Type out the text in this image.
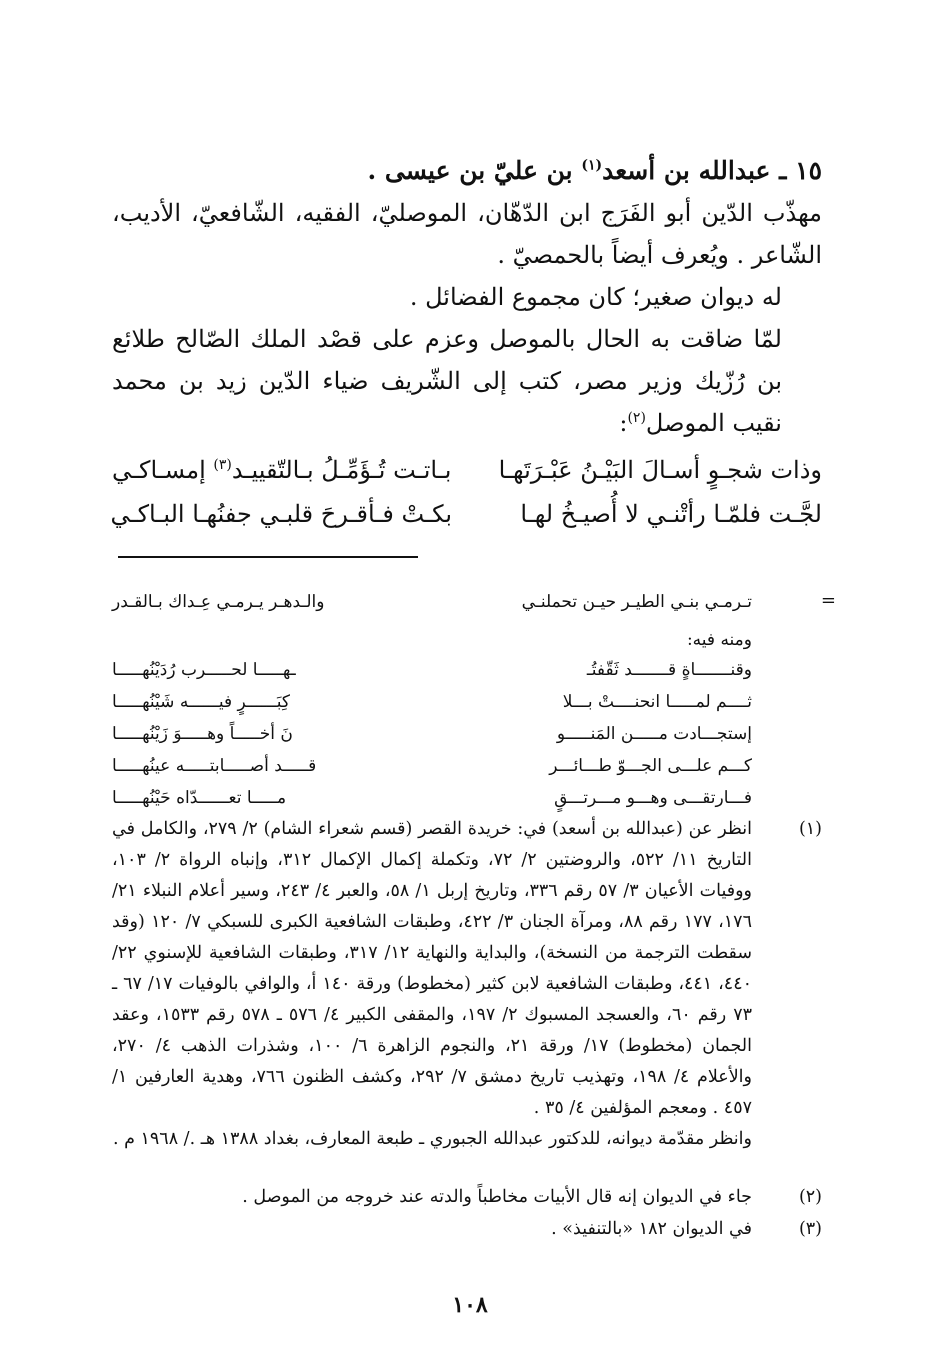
١٥ ـ عبدالله بن أسعد$^{(١)}$ بن عليّ بن عيسى .
مهذّب الدّين أبو الفَرَج ابن الدّهّان، الموصليّ، الفقيه، الشّافعيّ، الأديب، الشّاعر . ويُعرف أيضاً بالحمصيّ .
له ديوان صغير؛ كان مجموع الفضائل .
لمّا ضاقت به الحال بالموصل وعزم على قصْد الملك الصّالح طلائع بن رُزّيك وزير مصر، كتب إلى الشّريف ضياء الدّين زيد بن محمد نقيب الموصل$^{(٢)}$:
وذات شجـوٍ أسـالَ البَيْـنُ عَبْـرَتَهـا
بـاتـت تُـؤَمِّـلُ بـالتّقييـد$^{(٣)}$ إمسـاكـي
لجَّـت فلمّـا رأتْنـي لا أُصيـخُ لهـا
بكـتْ فـأقـرحَ قلبـي جفنُهـا البـاكـي
=
تـرمـي بنـي الطيـر حيـن تحملنـي
والـدهـر يـرمـي عِـداك بـالقـدر
ومنه فيه:
وقنـــــــاةٍ قـــــــد ثَقّفتُـ
ـهـــــا لحـــــرب رُدَيْنُهـــــا
ثــــم لمـــــا انحنــــتْ بـــلا
كِبَــــــرٍ فيــــــه شَيْنُهـــــا
إستجـــادت مـــــن المَنـــــو
نَ أخـــــاً وهـــــوَ زَيْنُهـــــا
كـــم علـــى الجـــوّ طـــائـــر
قـــــد أصـــــابتـــــه عينُهـــــا
فـــارتقـــى وهـــو مـــرتـــقٍ
مـــــا تعــــــدّاه حَيْنُهـــــا
(١)
انظر عن (عبدالله بن أسعد) في: خريدة القصر (قسم شعراء الشام) ٢/ ٢٧٩، والكامل في التاريخ ١١/ ٥٢٢، والروضتين ٢/ ٧٢، وتكملة إكمال الإكمال ٣١٢، وإنباه الرواة ٢/ ١٠٣، ووفيات الأعيان ٣/ ٥٧ رقم ٣٣٦، وتاريخ إربل ١/ ٥٨، والعبر ٤/ ٢٤٣، وسير أعلام النبلاء ٢١/ ١٧٦، ١٧٧ رقم ٨٨، ومرآة الجنان ٣/ ٤٢٢، وطبقات الشافعية الكبرى للسبكي ٧/ ١٢٠ (وقد سقطت الترجمة من النسخة)، والبداية والنهاية ١٢/ ٣١٧، وطبقات الشافعية للإسنوي ٢٢/ ٤٤٠، ٤٤١، وطبقات الشافعية لابن كثير (مخطوط) ورقة ١٤٠ أ، والوافي بالوفيات ١٧/ ٦٧ ـ ٧٣ رقم ٦٠، والعسجد المسبوك ٢/ ١٩٧، والمقفى الكبير ٤/ ٥٧٦ ـ ٥٧٨ رقم ١٥٣٣، وعقد الجمان (مخطوط) ١٧/ ورقة ٢١، والنجوم الزاهرة ٦/ ١٠٠، وشذرات الذهب ٤/ ٢٧٠، والأعلام ٤/ ١٩٨، وتهذيب تاريخ دمشق ٧/ ٢٩٢، وكشف الظنون ٧٦٦، وهدية العارفين ١/ ٤٥٧ . ومعجم المؤلفين ٤/ ٣٥ .
وانظر مقدّمة ديوانه، للدكتور عبدالله الجبوري ـ طبعة المعارف، بغداد ١٣٨٨ هـ ./ ١٩٦٨ م .
(٢)
جاء في الديوان إنه قال الأبيات مخاطباً والدته عند خروجه من الموصل .
(٣)
في الديوان ١٨٢ «بالتنفيذ» .
١٠٨
